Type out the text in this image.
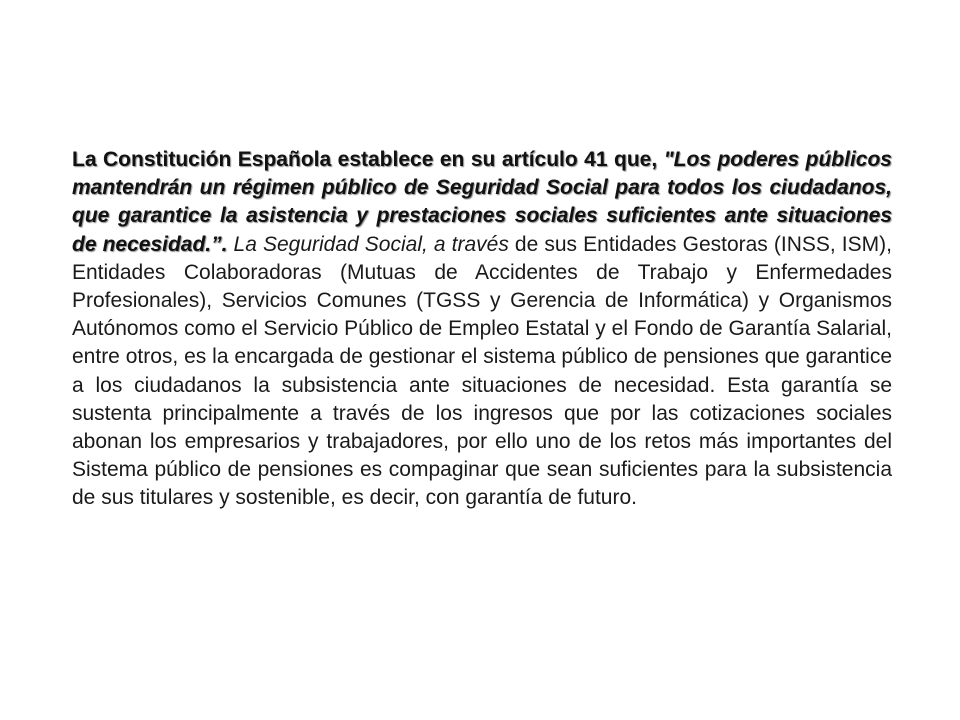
La Constitución Española establece en su artículo 41 que, "Los poderes públicos mantendrán un régimen público de Seguridad Social para todos los ciudadanos, que garantice la asistencia y prestaciones sociales suficientes ante situaciones de necesidad.”. La Seguridad Social, a través de sus Entidades Gestoras (INSS, ISM), Entidades Colaboradoras (Mutuas de Accidentes de Trabajo y Enfermedades Profesionales), Servicios Comunes (TGSS y Gerencia de Informática) y Organismos Autónomos como el Servicio Público de Empleo Estatal y el Fondo de Garantía Salarial, entre otros, es la encargada de gestionar el sistema público de pensiones que garantice a los ciudadanos la subsistencia ante situaciones de necesidad. Esta garantía se sustenta principalmente a través de los ingresos que por las cotizaciones sociales abonan los empresarios y trabajadores, por ello uno de los retos más importantes del Sistema público de pensiones es compaginar que sean suficientes para la subsistencia de sus titulares y sostenible, es decir, con garantía de futuro.
